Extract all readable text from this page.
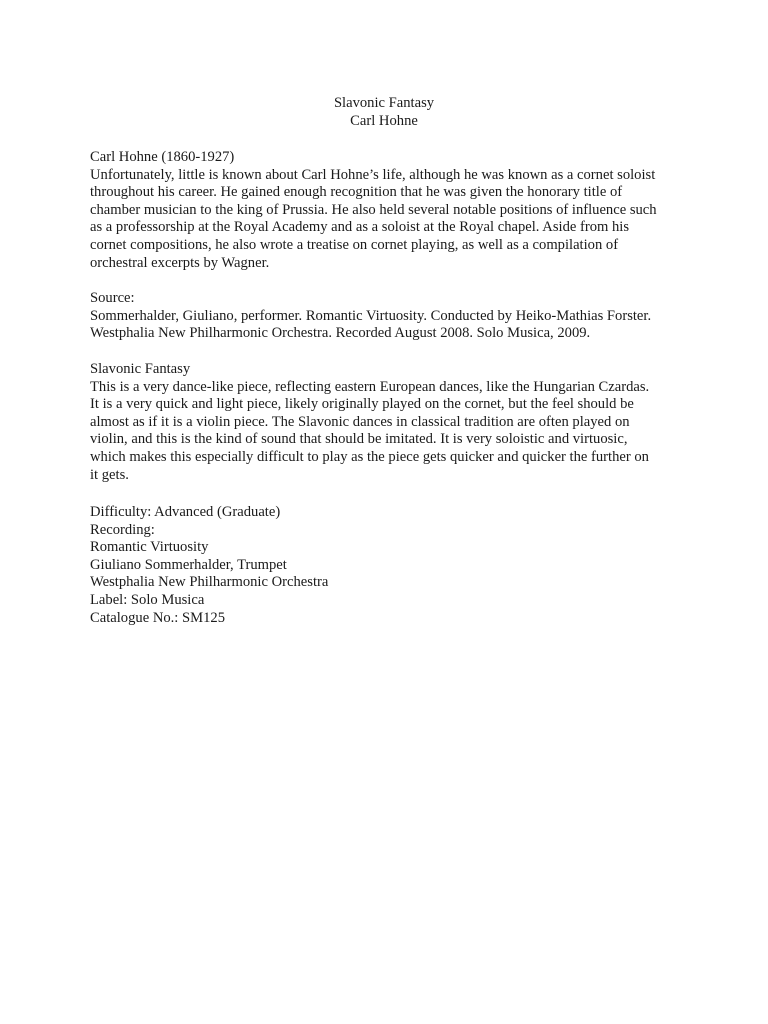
Slavonic Fantasy
Carl Hohne
Carl Hohne (1860-1927)
Unfortunately, little is known about Carl Hohne’s life, although he was known as a cornet soloist
throughout his career. He gained enough recognition that he was given the honorary title of
chamber musician to the king of Prussia. He also held several notable positions of influence such
as a professorship at the Royal Academy and as a soloist at the Royal chapel. Aside from his
cornet compositions, he also wrote a treatise on cornet playing, as well as a compilation of
orchestral excerpts by Wagner.
Source:
Sommerhalder, Giuliano, performer. Romantic Virtuosity. Conducted by Heiko-Mathias Forster.
Westphalia New Philharmonic Orchestra. Recorded August 2008. Solo Musica, 2009.
Slavonic Fantasy
This is a very dance-like piece, reflecting eastern European dances, like the Hungarian Czardas.
It is a very quick and light piece, likely originally played on the cornet, but the feel should be
almost as if it is a violin piece. The Slavonic dances in classical tradition are often played on
violin, and this is the kind of sound that should be imitated. It is very soloistic and virtuosic,
which makes this especially difficult to play as the piece gets quicker and quicker the further on
it gets.
Difficulty: Advanced (Graduate)
Recording:
Romantic Virtuosity
Giuliano Sommerhalder, Trumpet
Westphalia New Philharmonic Orchestra
Label: Solo Musica
Catalogue No.: SM125
